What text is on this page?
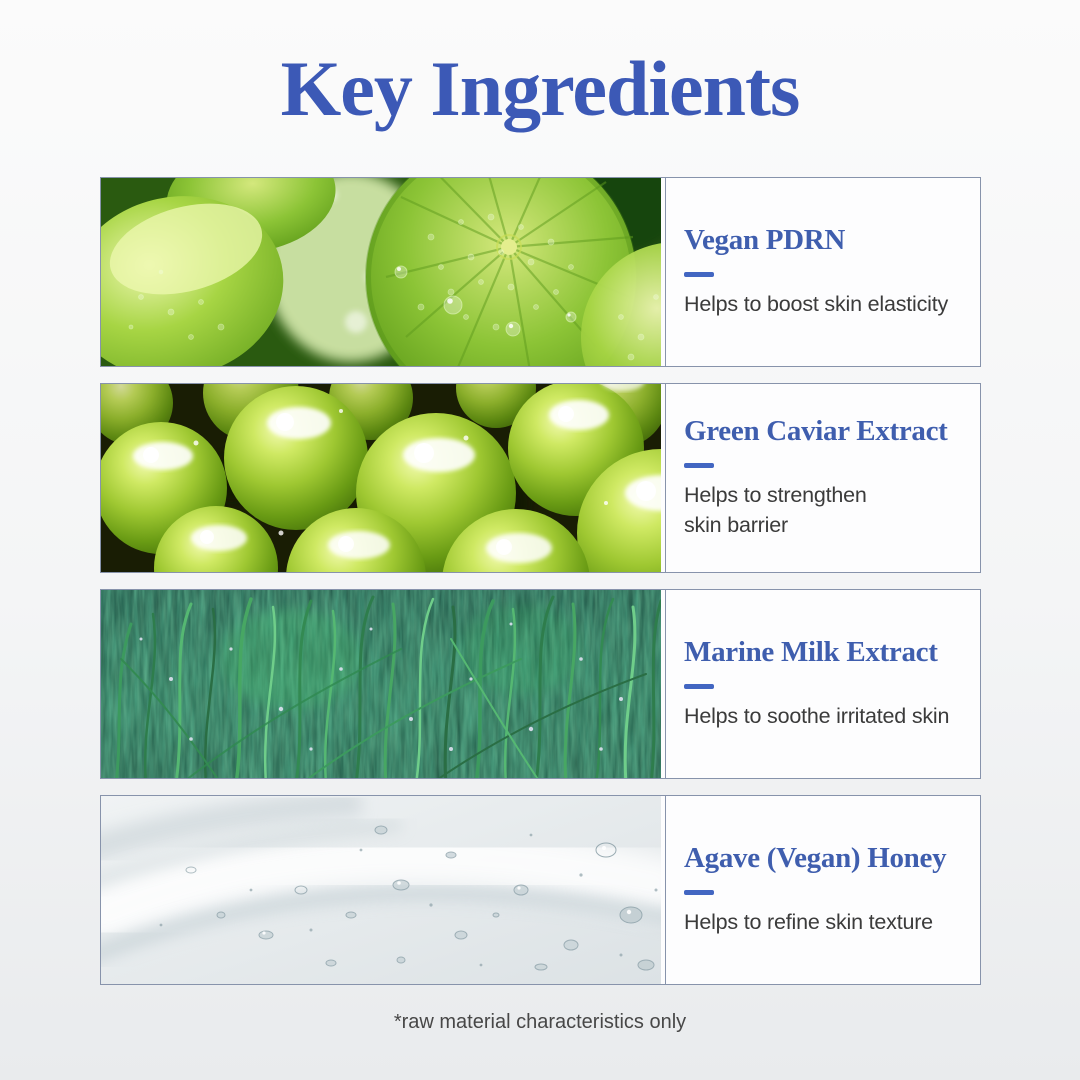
Key Ingredients
Vegan PDRN

Helps to boost skin elasticity

Green Caviar Extract

Helps to strengthen
skin barrier

Marine Milk Extract

Helps to soothe irritated skin

Agave (Vegan) Honey

Helps to refine skin texture

*raw material characteristics only
